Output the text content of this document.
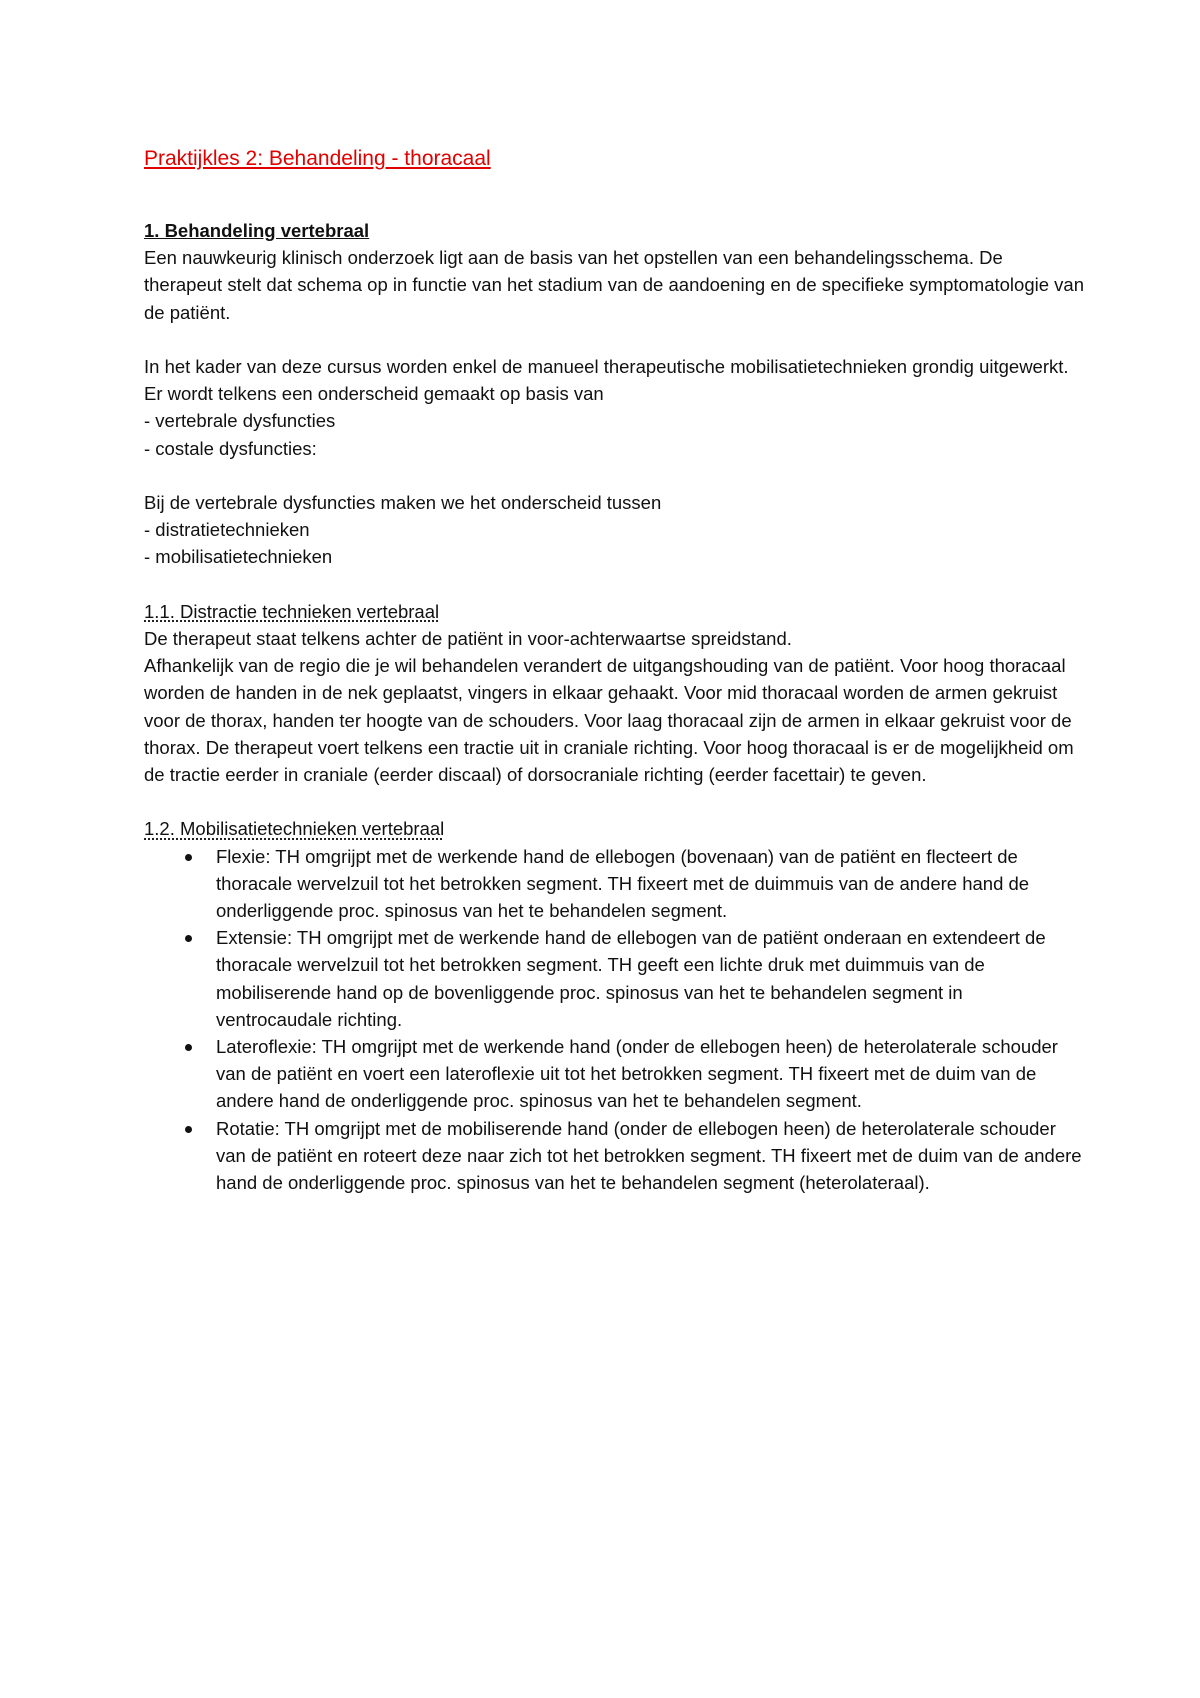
Praktijkles 2: Behandeling - thoracaal
1. Behandeling vertebraal

Een nauwkeurig klinisch onderzoek ligt aan de basis van het opstellen van een behandelingsschema. De therapeut stelt dat schema op in functie van het stadium van de aandoening en de specifieke symptomatologie van de patiënt.

In het kader van deze cursus worden enkel de manueel therapeutische mobilisatietechnieken grondig uitgewerkt. Er wordt telkens een onderscheid gemaakt op basis van

- vertebrale dysfuncties
- costale dysfuncties:

Bij de vertebrale dysfuncties maken we het onderscheid tussen

- distratietechnieken
- mobilisatietechnieken
1.1. Distractie technieken vertebraal

De therapeut staat telkens achter de patiënt in voor-achterwaartse spreidstand.

Afhankelijk van de regio die je wil behandelen verandert de uitgangshouding van de patiënt. Voor hoog thoracaal worden de handen in de nek geplaatst, vingers in elkaar gehaakt. Voor mid thoracaal worden de armen gekruist voor de thorax, handen ter hoogte van de schouders. Voor laag thoracaal zijn de armen in elkaar gekruist voor de thorax. De therapeut voert telkens een tractie uit in craniale richting. Voor hoog thoracaal is er de mogelijkheid om de tractie eerder in craniale (eerder discaal) of dorsocraniale richting (eerder facettair) te geven.

1.2. Mobilisatietechnieken vertebraal
Flexie: TH omgrijpt met de werkende hand de ellebogen (bovenaan) van de patiënt en flecteert de thoracale wervelzuil tot het betrokken segment. TH fixeert met de duimmuis van de andere hand de onderliggende proc. spinosus van het te behandelen segment.
Extensie: TH omgrijpt met de werkende hand de ellebogen van de patiënt onderaan en extendeert de thoracale wervelzuil tot het betrokken segment. TH geeft een lichte druk met duimmuis van de mobiliserende hand op de bovenliggende proc. spinosus van het te behandelen segment in ventrocaudale richting.
Lateroflexie: TH omgrijpt met de werkende hand (onder de ellebogen heen) de heterolaterale schouder van de patiënt en voert een lateroflexie uit tot het betrokken segment. TH fixeert met de duim van de andere hand de onderliggende proc. spinosus van het te behandelen segment.
Rotatie: TH omgrijpt met de mobiliserende hand (onder de ellebogen heen) de heterolaterale schouder van de patiënt en roteert deze naar zich tot het betrokken segment. TH fixeert met de duim van de andere hand de onderliggende proc. spinosus van het te behandelen segment (heterolateraal).
